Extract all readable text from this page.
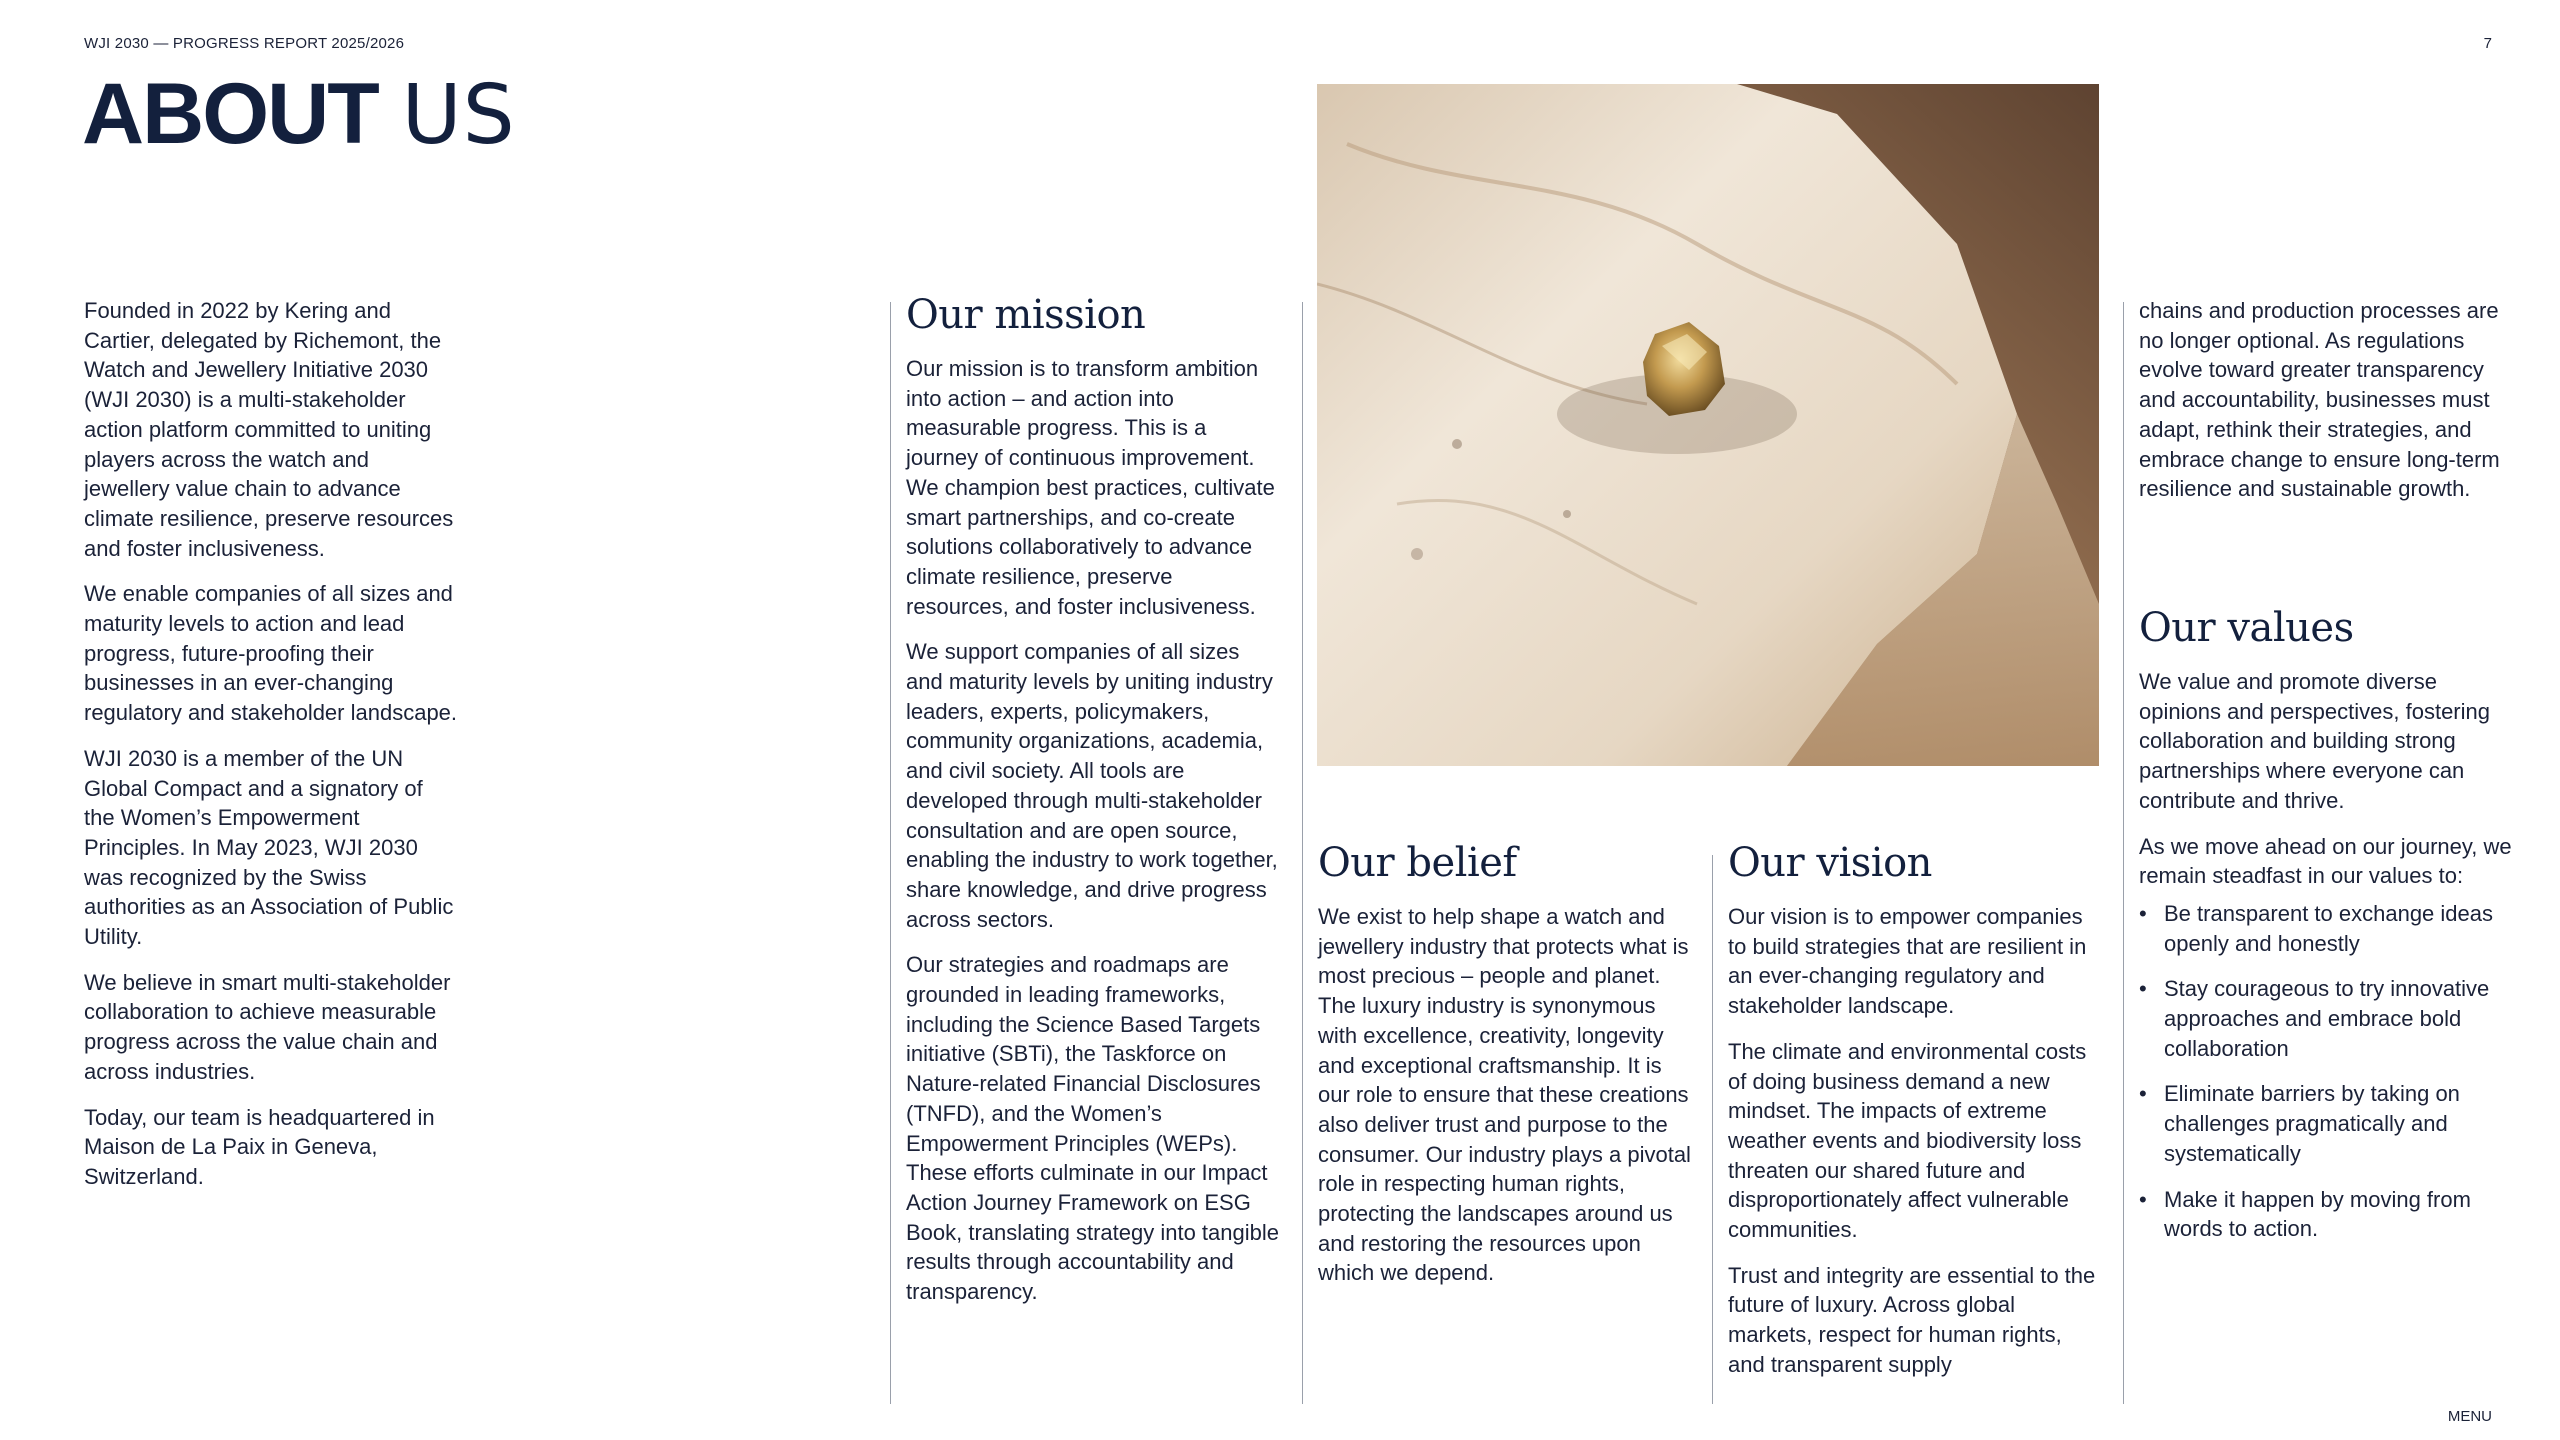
WJI 2030 — PROGRESS REPORT 2025/2026	7
ABOUT US

Founded in 2022 by Kering and Cartier, delegated by Richemont, the Watch and Jewellery Initiative 2030 (WJI 2030) is a multi-stakeholder action platform committed to uniting players across the watch and jewellery value chain to advance climate resilience, preserve resources and foster inclusiveness.

We enable companies of all sizes and maturity levels to action and lead progress, future-proofing their businesses in an ever-changing regulatory and stakeholder landscape.

WJI 2030 is a member of the UN Global Compact and a signatory of the Women’s Empowerment Principles. In May 2023, WJI 2030 was recognized by the Swiss authorities as an Association of Public Utility.

We believe in smart multi-stakeholder collaboration to achieve measurable progress across the value chain and across industries.

Today, our team is headquartered in Maison de La Paix in Geneva, Switzerland.

Our mission

Our mission is to transform ambition into action – and action into measurable progress. This is a journey of continuous improvement. We champion best practices, cultivate smart partnerships, and co-create solutions collaboratively to advance climate resilience, preserve resources, and foster inclusiveness.

We support companies of all sizes and maturity levels by uniting industry leaders, experts, policymakers, community organizations, academia, and civil society. All tools are developed through multi-stakeholder consultation and are open source, enabling the industry to work together, share knowledge, and drive progress across sectors.

Our strategies and roadmaps are grounded in leading frameworks, including the Science Based Targets initiative (SBTi), the Taskforce on Nature-related Financial Disclosures (TNFD), and the Women’s Empowerment Principles (WEPs). These efforts culminate in our Impact Action Journey Framework on ESG Book, translating strategy into tangible results through accountability and transparency.

Our belief

We exist to help shape a watch and jewellery industry that protects what is most precious – people and planet. The luxury industry is synonymous with excellence, creativity, longevity and exceptional craftsmanship. It is our role to ensure that these creations also deliver trust and purpose to the consumer. Our industry plays a pivotal role in respecting human rights, protecting the landscapes around us and restoring the resources upon which we depend.

Our vision

Our vision is to empower companies to build strategies that are resilient in an ever-changing regulatory and stakeholder landscape.

The climate and environmental costs of doing business demand a new mindset. The impacts of extreme weather events and biodiversity loss threaten our shared future and disproportionately affect vulnerable communities.

Trust and integrity are essential to the future of luxury. Across global markets, respect for human rights, and transparent supply

chains and production processes are no longer optional. As regulations evolve toward greater transparency and accountability, businesses must adapt, rethink their strategies, and embrace change to ensure long-term resilience and sustainable growth.

Our values

We value and promote diverse opinions and perspectives, fostering collaboration and building strong partnerships where everyone can contribute and thrive.

As we move ahead on our journey, we remain steadfast in our values to:

• Be transparent to exchange ideas openly and honestly
• Stay courageous to try innovative approaches and embrace bold collaboration
• Eliminate barriers by taking on challenges pragmatically and systematically
• Make it happen by moving from words to action.
MENU
